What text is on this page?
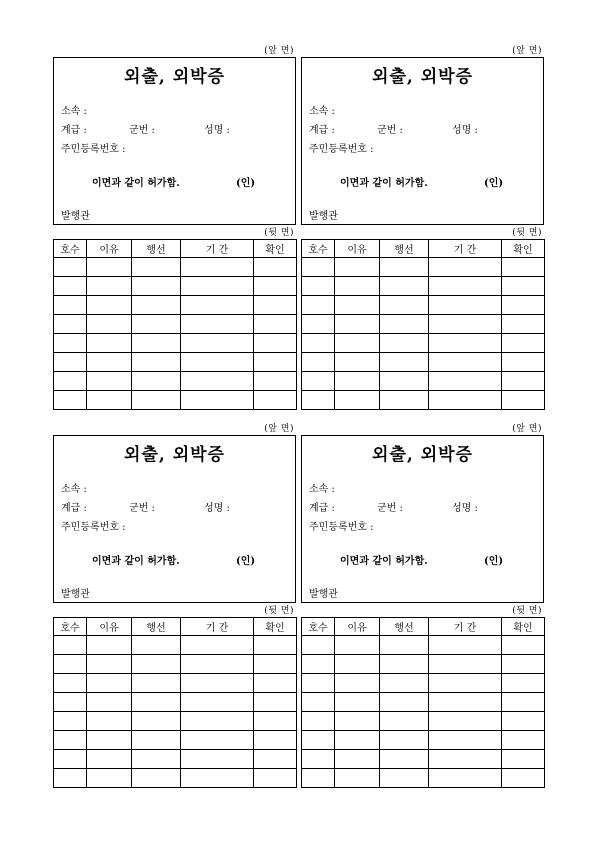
(앞 면)
외출, 외박증
소속 :
계급 :	군번 :	성명 :
주민등록번호 :
이면과 같이 허가함.	(인)
발행관
(뒷 면)
호수	이유	행선	기 간	확인

(앞 면)
외출, 외박증
소속 :
계급 :	군번 :	성명 :
주민등록번호 :
이면과 같이 허가함.	(인)
발행관
(뒷 면)
호수	이유	행선	기 간	확인

(앞 면)
외출, 외박증
소속 :
계급 :	군번 :	성명 :
주민등록번호 :
이면과 같이 허가함.	(인)
발행관
(뒷 면)
호수	이유	행선	기 간	확인

(앞 면)
외출, 외박증
소속 :
계급 :	군번 :	성명 :
주민등록번호 :
이면과 같이 허가함.	(인)
발행관
(뒷 면)
호수	이유	행선	기 간	확인
